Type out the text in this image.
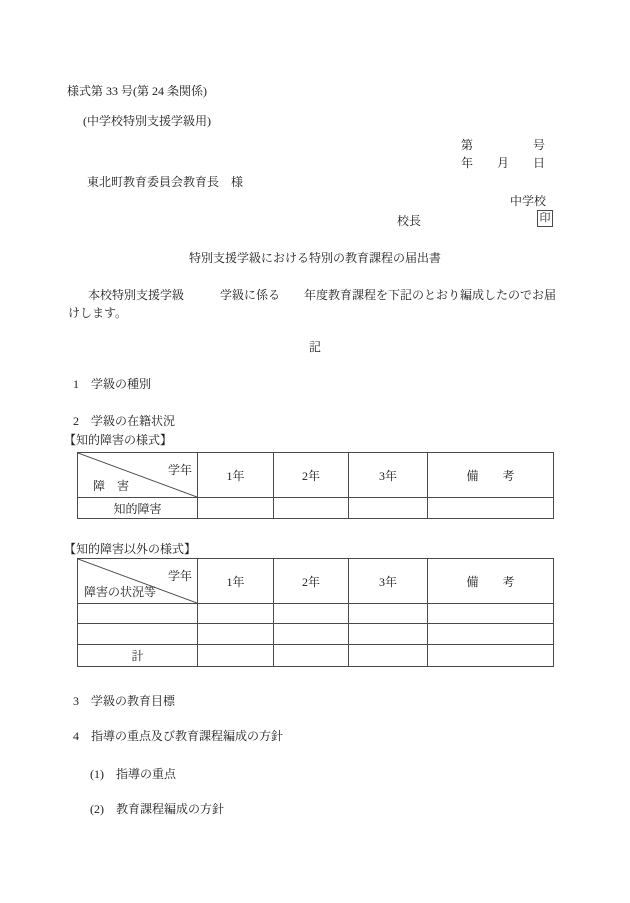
様式第 33 号(第 24 条関係)
(中学校特別支援学級用)
第	号
年 月 日
東北町教育委員会教育長　様
中学校
校長	印
特別支援学級における特別の教育課程の届出書
本校特別支援学級　　　学級に係る　　年度教育課程を下記のとおり編成したのでお届
けします。
記
1　学級の種別
2　学級の在籍状況
【知的障害の様式】
学年
障　害	1年	2年	3年	備　　考
知的障害				
【知的障害以外の様式】
学年
障害の状況等	1年	2年	3年	備　　考

計				
3　学級の教育目標
4　指導の重点及び教育課程編成の方針
(1)　指導の重点
(2)　教育課程編成の方針
